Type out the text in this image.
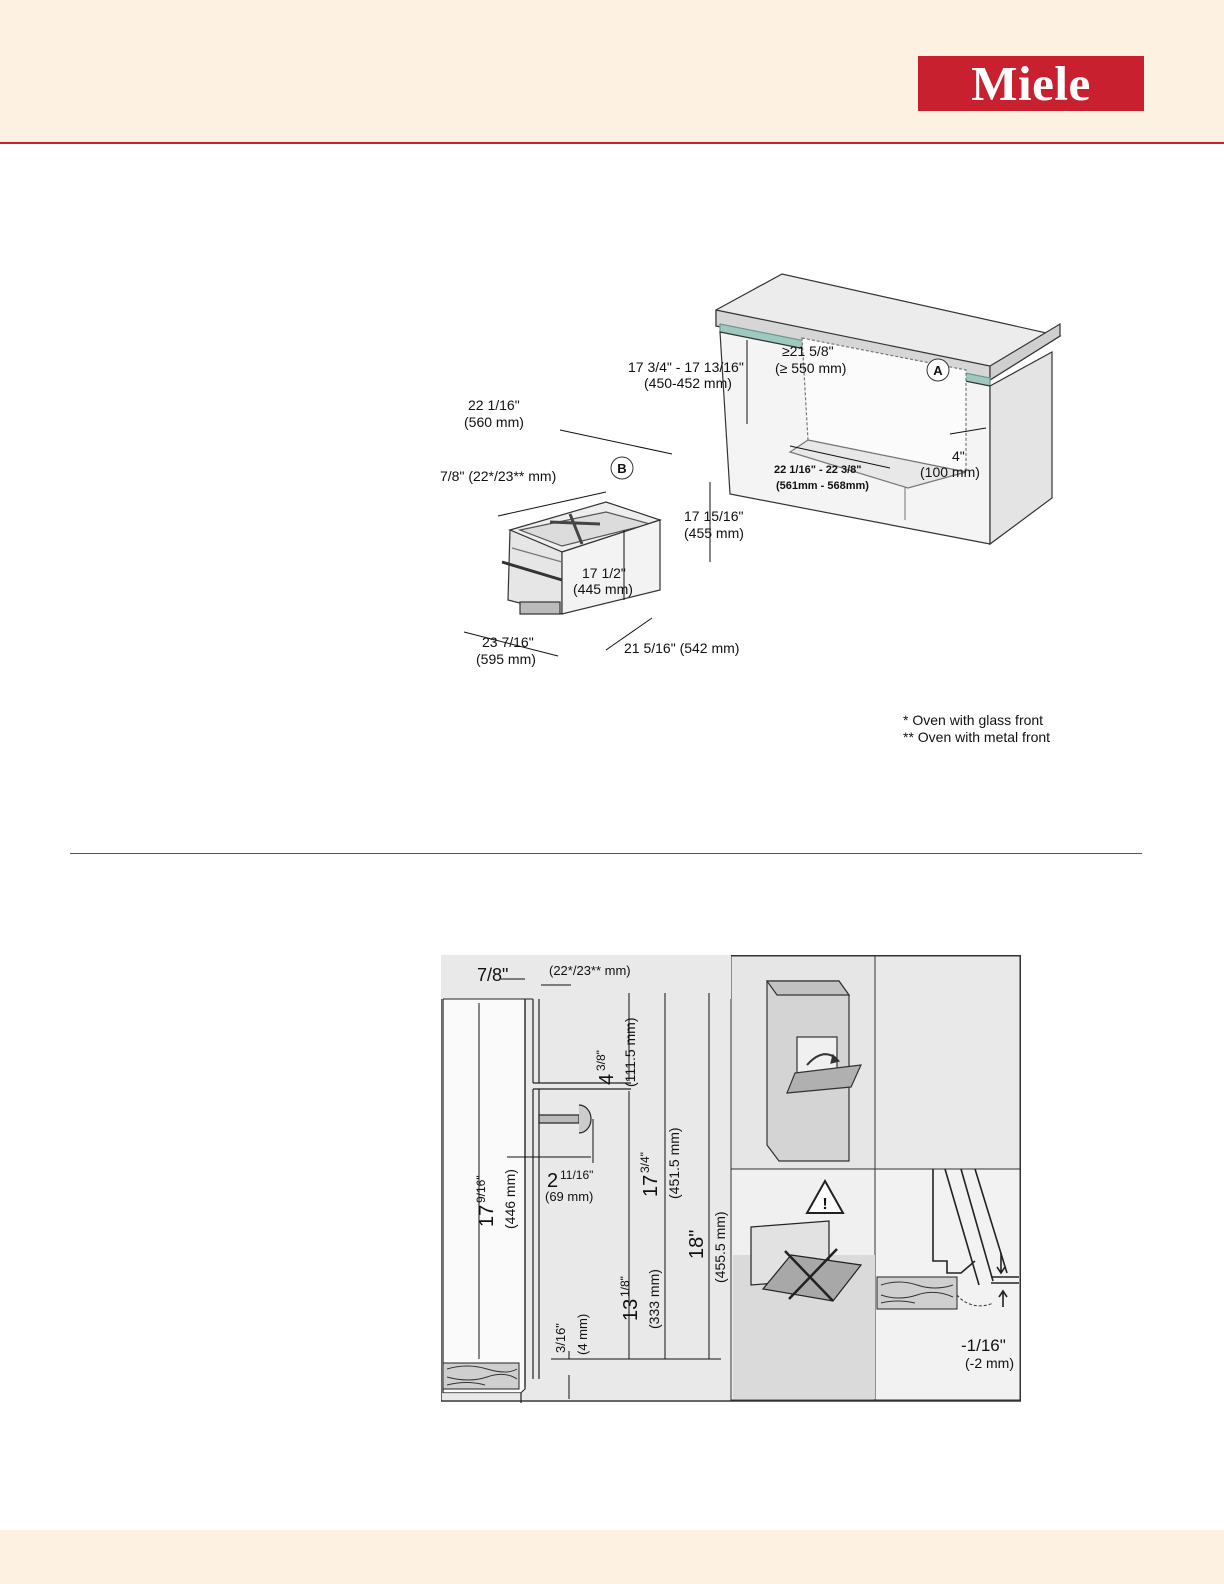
Miele
A
B
17 3/4" - 17 13/16"
(450-452 mm)
≥21 5/8"
(≥ 550 mm)
22 1/16" - 22 3/8"
(561mm - 568mm)
4"
(100 mm)
22 1/16"
(560 mm)
7/8" (22*/23** mm)
17 15/16"
(455 mm)
17 1/2"
(445 mm)
23 7/16"
(595 mm)
21 5/16" (542 mm)
* Oven with glass front
** Oven with metal front
7/8"	(22*/23** mm)
17
9/16" (446 mm)
4
3/8" (111.5 mm)
2 11/16"
(69 mm) 17
3/4" (451.5 mm)
13
1/8" (333 mm)
18" (455.5 mm)
3/16" (4 mm)
!
-1/16"
(-2 mm)
